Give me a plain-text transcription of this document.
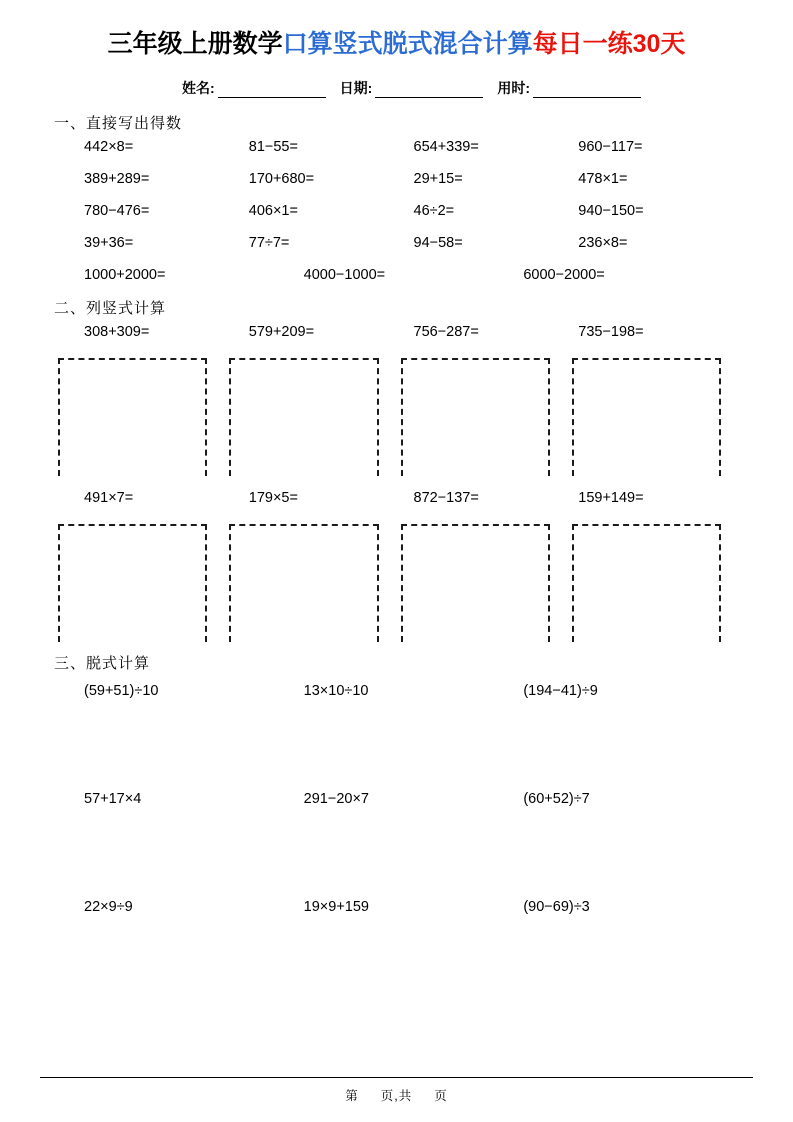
三年级上册数学口算竖式脱式混合计算每日一练30天
姓名:	日期:	用时:
一、直接写出得数
442×8=	81−55=	654+339=	960−117=
389+289=	170+680=	29+15=	478×1=
780−476=	406×1=	46÷2=	940−150=
39+36=	77÷7=	94−58=	236×8=
1000+2000=	4000−1000=	6000−2000=
二、列竖式计算
308+309=	579+209=	756−287=	735−198=
491×7=	179×5=	872−137=	159+149=
三、脱式计算
(59+51)÷10	13×10÷10	(194−41)÷9
57+17×4	291−20×7	(60+52)÷7
22×9÷9	19×9+159	(90−69)÷3
第 页,共 页
